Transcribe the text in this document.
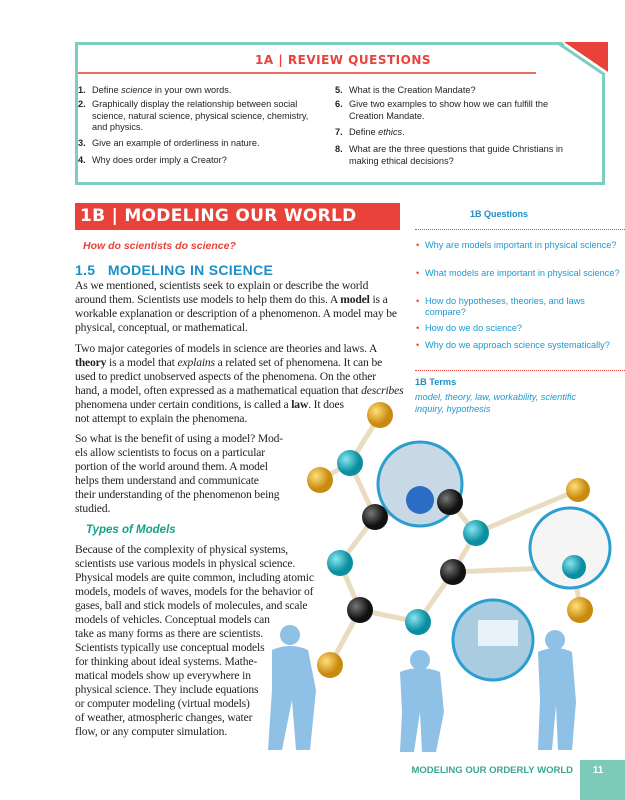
1A | REVIEW QUESTIONS
1. Define science in your own words.
2. Graphically display the relationship between social
science, natural science, physical science, chemistry,
and physics.
3. Give an example of orderliness in nature.
4. Why does order imply a Creator?
5. What is the Creation Mandate?
6. Give two examples to show how we can fulfill the
Creation Mandate.
7. Define ethics.
8. What are the three questions that guide Christians in
making ethical decisions?
1B | MODELING OUR WORLD
How do scientists do science?
1.5   MODELING IN SCIENCE
As we mentioned, scientists seek to explain or describe the world
around them. Scientists use models to help them do this. A model is a
workable explanation or description of a phenomenon. A model may be
physical, conceptual, or mathematical.
Two major categories of models in science are theories and laws. A
theory is a model that explains a related set of phenomena. It can be
used to predict unobserved aspects of the phenomena. On the other
hand, a model, often expressed as a mathematical equation that describes
phenomena under certain conditions, is called a law. It does
not attempt to explain the phenomena.
So what is the benefit of using a model? Mod-
els allow scientists to focus on a particular
portion of the world around them. A model
helps them understand and communicate
their understanding of the phenomenon being
studied.
Types of Models
Because of the complexity of physical systems,
scientists use various models in physical science.
Physical models are quite common, including atomic
models, models of waves, models for the behavior of
gases, ball and stick models of molecules, and scale
models of vehicles. Conceptual models can
take as many forms as there are scientists.
Scientists typically use conceptual models
for thinking about ideal systems. Mathe-
matical models show up everywhere in
physical science. They include equations
or computer modeling (virtual models)
of weather, atmospheric changes, water
flow, or any computer simulation.
1B Questions
• Why are models important in physical science?
• What models are important in physical science?
• How do hypotheses, theories, and laws compare?
• How do we do science?
• Why do we approach science systematically?
1B Terms
model, theory, law, workability, scientific inquiry, hypothesis
MODELING OUR ORDERLY WORLD	11
